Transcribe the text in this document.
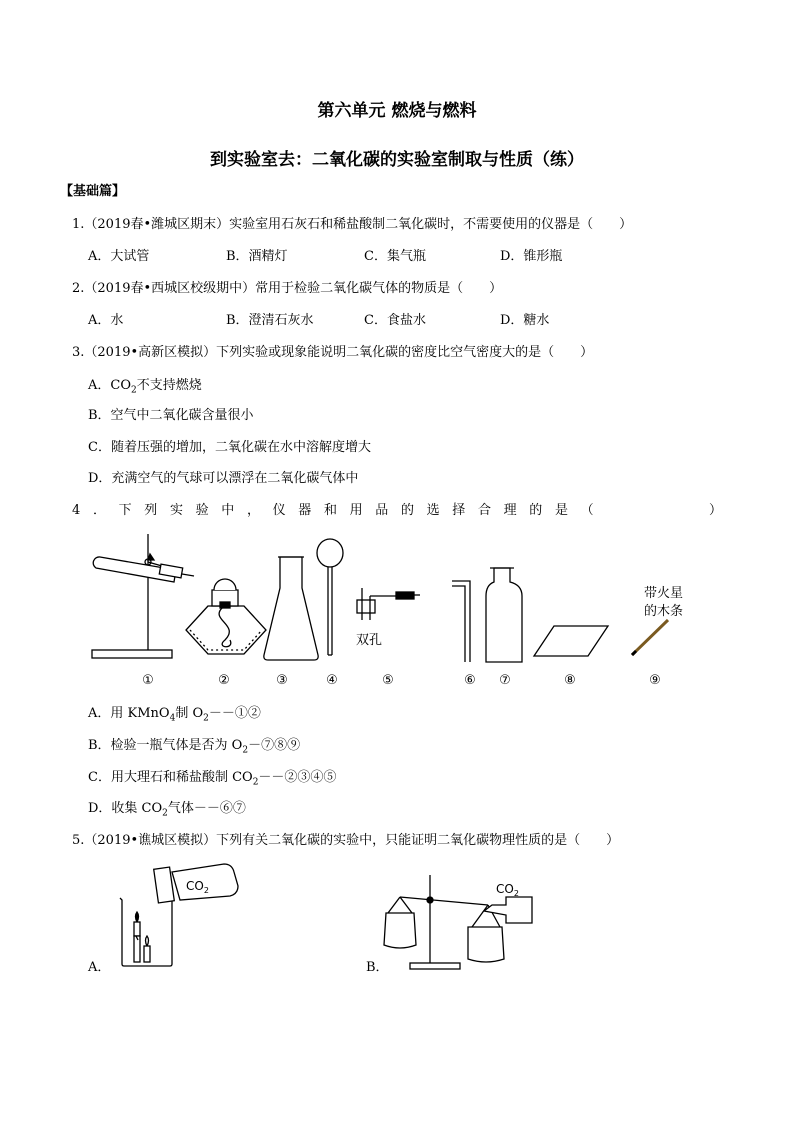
第六单元 燃烧与燃料
到实验室去：二氧化碳的实验室制取与性质（练）
【基础篇】
1.（2019春•潍城区期末）实验室用石灰石和稀盐酸制二氧化碳时，不需要使用的仪器是（　　）
A．大试管	B．酒精灯	C．集气瓶	D．锥形瓶
2.（2019春•西城区校级期中）常用于检验二氧化碳气体的物质是（　　）
A．水	B．澄清石灰水	C．食盐水	D．糖水
3.（2019•高新区模拟）下列实验或现象能说明二氧化碳的密度比空气密度大的是（　　）
A．$CO_2$不支持燃烧
B．空气中二氧化碳含量很小
C．随着压强的增加，二氧化碳在水中溶解度增大
D．充满空气的气球可以漂浮在二氧化碳气体中
4．下列实验中，仪器和用品的选择合理的是（　　　　）
双孔
带火星
的木条
①	②	③	④	⑤	⑥ ⑦	⑧	⑨
A．用 KMnO$_4$制 $O_2--①②$
B．检验一瓶气体是否为 $O_2-⑦⑧⑨$
C．用大理石和稀盐酸制 $CO_2--②③④⑤$
D．收集 $CO_2$气体－－⑥⑦
5.（2019•谯城区模拟）下列有关二氧化碳的实验中，只能证明二氧化碳物理性质的是（　　）
$CO_2$
A．
$CO_2$
B．
